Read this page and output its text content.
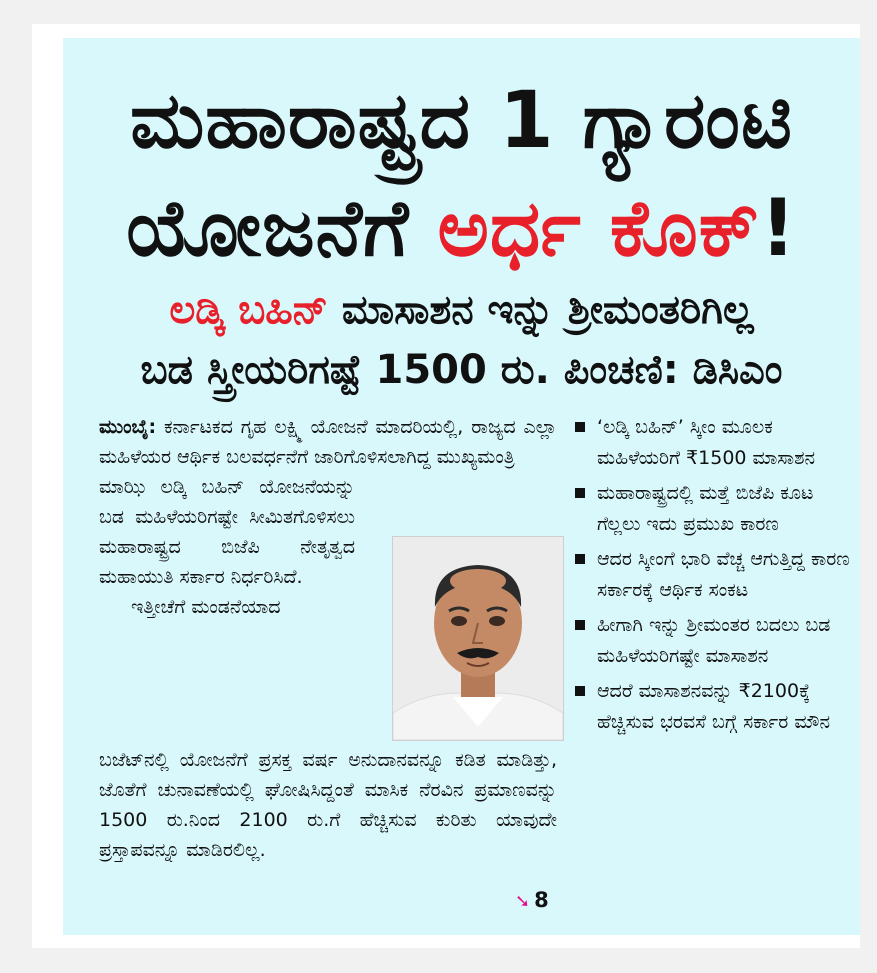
ಮಹಾರಾಷ್ಟ್ರದ 1 ಗ್ಯಾರಂಟಿ
ಯೋಜನೆಗೆ ಅರ್ಧ ಕೊಕ್!
ಲಡ್ಕಿ ಬಹಿನ್ ಮಾಸಾಶನ ಇನ್ನು ಶ್ರೀಮಂತರಿಗಿಲ್ಲ
ಬಡ ಸ್ತ್ರೀಯರಿಗಷ್ಟೆ 1500 ರು. ಪಿಂಚಣಿ: ಡಿಸಿಎಂ

ಮುಂಬೈ: ಕರ್ನಾಟಕದ ಗೃಹ ಲಕ್ಷ್ಮಿ ಯೋಜನೆ ಮಾದರಿಯಲ್ಲಿ, ರಾಜ್ಯದ ಎಲ್ಲಾ ಮಹಿಳೆಯರ ಆರ್ಥಿಕ ಬಲವರ್ಧನೆಗೆ ಜಾರಿಗೊಳಿಸಲಾಗಿದ್ದ ಮುಖ್ಯಮಂತ್ರಿ

ಮಾಝಿ ಲಡ್ಕಿ ಬಹಿನ್ ಯೋಜನೆಯನ್ನು ಬಡ ಮಹಿಳೆಯರಿಗಷ್ಟೇ ಸೀಮಿತಗೊಳಿಸಲು ಮಹಾರಾಷ್ಟ್ರದ ಬಿಜೆಪಿ ನೇತೃತ್ವದ ಮಹಾಯುತಿ ಸರ್ಕಾರ ನಿರ್ಧರಿಸಿದೆ.

ಇತ್ತೀಚೆಗೆ ಮಂಡನೆಯಾದ

ಬಜೆಟ್‌ನಲ್ಲಿ ಯೋಜನೆಗೆ ಪ್ರಸಕ್ತ ವರ್ಷ ಅನುದಾನವನ್ನೂ ಕಡಿತ ಮಾಡಿತ್ತು, ಜೊತೆಗೆ ಚುನಾವಣೆಯಲ್ಲಿ ಘೋಷಿಸಿದ್ದಂತೆ ಮಾಸಿಕ ನೆರವಿನ ಪ್ರಮಾಣವನ್ನು 1500 ರು.ನಿಂದ 2100 ರು.ಗೆ ಹೆಚ್ಚಿಸುವ ಕುರಿತು ಯಾವುದೇ ಪ್ರಸ್ತಾಪವನ್ನೂ ಮಾಡಿರಲಿಲ್ಲ.

➘ 8
‘ಲಡ್ಕಿ ಬಹಿನ್’ ಸ್ಕೀಂ ಮೂಲಕ ಮಹಿಳೆಯರಿಗೆ ₹1500 ಮಾಸಾಶನ
ಮಹಾರಾಷ್ಟ್ರದಲ್ಲಿ ಮತ್ತೆ ಬಿಜೆಪಿ ಕೂಟ ಗೆಲ್ಲಲು ಇದು ಪ್ರಮುಖ ಕಾರಣ
ಆದರ ಸ್ಕೀಂಗೆ ಭಾರಿ ವೆಚ್ಚ ಆಗುತ್ತಿದ್ದ ಕಾರಣ ಸರ್ಕಾರಕ್ಕೆ ಆರ್ಥಿಕ ಸಂಕಟ
ಹೀಗಾಗಿ ಇನ್ನು ಶ್ರೀಮಂತರ ಬದಲು ಬಡ ಮಹಿಳೆಯರಿಗಷ್ಟೇ ಮಾಸಾಶನ
ಆದರೆ ಮಾಸಾಶನವನ್ನು ₹2100ಕ್ಕೆ ಹೆಚ್ಚಿಸುವ ಭರವಸೆ ಬಗ್ಗೆ ಸರ್ಕಾರ ಮೌನ
